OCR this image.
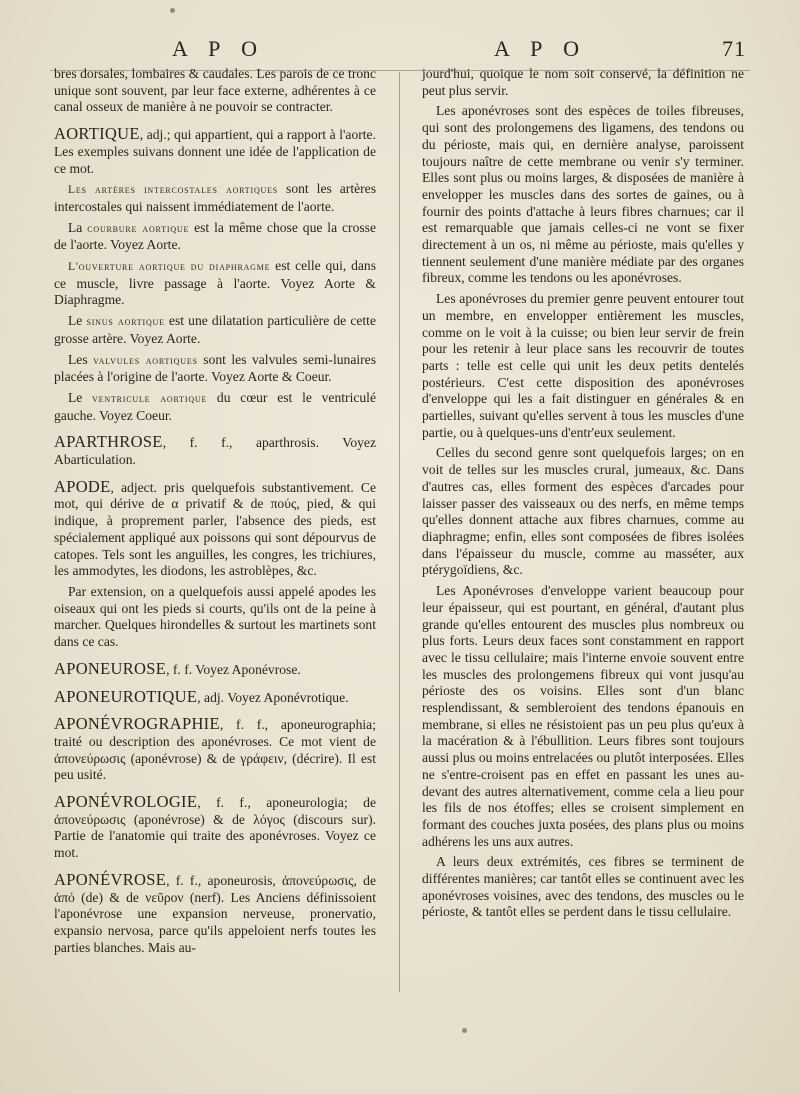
A P O	A P O	71

bres dorsales, lombaires & caudales. Les parois de ce tronc unique sont souvent, par leur face externe, adhérentes à ce canal osseux de manière à ne pouvoir se contracter.

AORTIQUE, adj.; qui appartient, qui a rapport à l'aorte. Les exemples suivans donnent une idée de l'application de ce mot.

Les artères intercostales aortiques sont les artères intercostales qui naissent immédiatement de l'aorte.

La courbure aortique est la même chose que la crosse de l'aorte. Voyez Aorte.

L'ouverture aortique du diaphragme est celle qui, dans ce muscle, livre passage à l'aorte. Voyez Aorte & Diaphragme.

Le sinus aortique est une dilatation particulière de cette grosse artère. Voyez Aorte.

Les valvules aortiques sont les valvules semi-lunaires placées à l'origine de l'aorte. Voyez Aorte & Coeur.

Le ventricule aortique du cœur est le ventriculé gauche. Voyez Coeur.

APARTHROSE, f. f., aparthrosis. Voyez Abarticulation.

APODE, adject. pris quelquefois substantivement. Ce mot, qui dérive de α privatif & de πούς, pied, & qui indique, à proprement parler, l'absence des pieds, est spécialement appliqué aux poissons qui sont dépourvus de catopes. Tels sont les anguilles, les congres, les trichiures, les ammodytes, les diodons, les astroblèpes, &c.

Par extension, on a quelquefois aussi appelé apodes les oiseaux qui ont les pieds si courts, qu'ils ont de la peine à marcher. Quelques hirondelles & surtout les martinets sont dans ce cas.

APONEUROSE, f. f. Voyez Aponévrose.

APONEUROTIQUE, adj. Voyez Aponévrotique.

APONÉVROGRAPHIE, f. f., aponeurographia; traité ou description des aponévroses. Ce mot vient de ἀπονεύρωσις (aponévrose) & de γράφειν, (décrire). Il est peu usité.

APONÉVROLOGIE, f. f., aponeurologia; de ἀπονεύρωσις (aponévrose) & de λόγος (discours sur). Partie de l'anatomie qui traite des aponévroses. Voyez ce mot.

APONÉVROSE, f. f., aponeurosis, ἀπονεύρωσις, de ἀπό (de) & de νεῦρον (nerf). Les Anciens définissoient l'aponévrose une expansion nerveuse, pronervatio, expansio nervosa, parce qu'ils appeloient nerfs toutes les parties blanches. Mais au-

jourd'hui, quoique le nom soit conservé, la définition ne peut plus servir.

Les aponévroses sont des espèces de toiles fibreuses, qui sont des prolongemens des ligamens, des tendons ou du périoste, mais qui, en dernière analyse, paroissent toujours naître de cette membrane ou venir s'y terminer. Elles sont plus ou moins larges, & disposées de manière à envelopper les muscles dans des sortes de gaines, ou à fournir des points d'attache à leurs fibres charnues; car il est remarquable que jamais celles-ci ne vont se fixer directement à un os, ni même au périoste, mais qu'elles y tiennent seulement d'une manière médiate par des organes fibreux, comme les tendons ou les aponévroses.

Les aponévroses du premier genre peuvent entourer tout un membre, en envelopper entièrement les muscles, comme on le voit à la cuisse; ou bien leur servir de frein pour les retenir à leur place sans les recouvrir de toutes parts : telle est celle qui unit les deux petits dentelés postérieurs. C'est cette disposition des aponévroses d'enveloppe qui les a fait distinguer en générales & en partielles, suivant qu'elles servent à tous les muscles d'une partie, ou à quelques-uns d'entr'eux seulement.

Celles du second genre sont quelquefois larges; on en voit de telles sur les muscles crural, jumeaux, &c. Dans d'autres cas, elles forment des espèces d'arcades pour laisser passer des vaisseaux ou des nerfs, en même temps qu'elles donnent attache aux fibres charnues, comme au diaphragme; enfin, elles sont composées de fibres isolées dans l'épaisseur du muscle, comme au masséter, aux ptérygoïdiens, &c.

Les Aponévroses d'enveloppe varient beaucoup pour leur épaisseur, qui est pourtant, en général, d'autant plus grande qu'elles entourent des muscles plus nombreux ou plus forts. Leurs deux faces sont constamment en rapport avec le tissu cellulaire; mais l'interne envoie souvent entre les muscles des prolongemens fibreux qui vont jusqu'au périoste des os voisins. Elles sont d'un blanc resplendissant, & sembleroient des tendons épanouis en membrane, si elles ne résistoient pas un peu plus qu'eux à la macération & à l'ébullition. Leurs fibres sont toujours aussi plus ou moins entrelacées ou plutôt interposées. Elles ne s'entre-croisent pas en effet en passant les unes au-devant des autres alternativement, comme cela a lieu pour les fils de nos étoffes; elles se croisent simplement en formant des couches juxta posées, des plans plus ou moins adhérens les uns aux autres.

A leurs deux extrémités, ces fibres se terminent de différentes manières; car tantôt elles se continuent avec les aponévroses voisines, avec des tendons, des muscles ou le périoste, & tantôt elles se perdent dans le tissu cellulaire.
